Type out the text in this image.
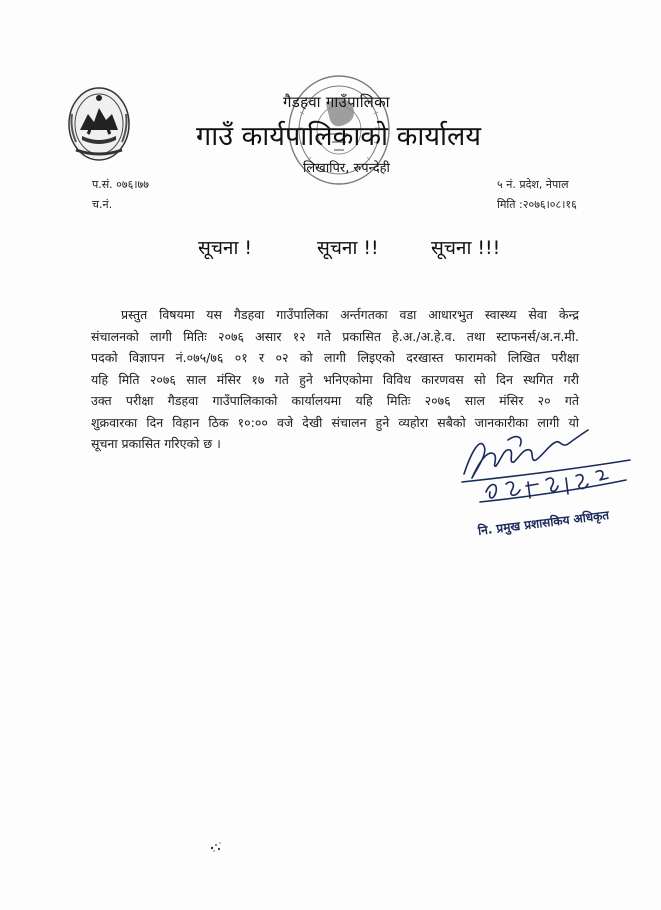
गैडहवा गाउँपालिका
गाउँ कार्यपालिकाको कार्यालय
लिखापिर, रुपन्देही
प.सं. ०७६।७७
च.नं.
५ नं. प्रदेश, नेपाल
मिति :२०७६।०८।१६
सूचना !	सूचना !!	सूचना !!!
प्रस्तुत विषयमा यस गैडहवा गाउँपालिका अर्न्तगतका वडा आधारभुत स्वास्थ्य सेवा केन्द्र
संचालनको लागी मितिः २०७६ असार १२ गते प्रकासित हे.अ./अ.हे.व. तथा स्टाफनर्स/अ.न.मी.
पदको विज्ञापन नं.०७५/७६ ०१ र ०२ को लागी लिइएको दरखास्त फारामको लिखित परीक्षा
यहि मिति २०७६ साल मंसिर १७ गते हुने भनिएकोमा विविध कारणवस सो दिन स्थगित गरी
उक्त परीक्षा गैडहवा गाउँपालिकाको कार्यालयमा यहि मितिः २०७६ साल मंसिर २० गते
शुक्रवारका दिन विहान ठिक १०:०० वजे देखी संचालन हुने व्यहोरा सबैको जानकारीका लागी यो
सूचना प्रकासित गरिएको छ ।
नि. प्रमुख प्रशासकिय अधिकृत
